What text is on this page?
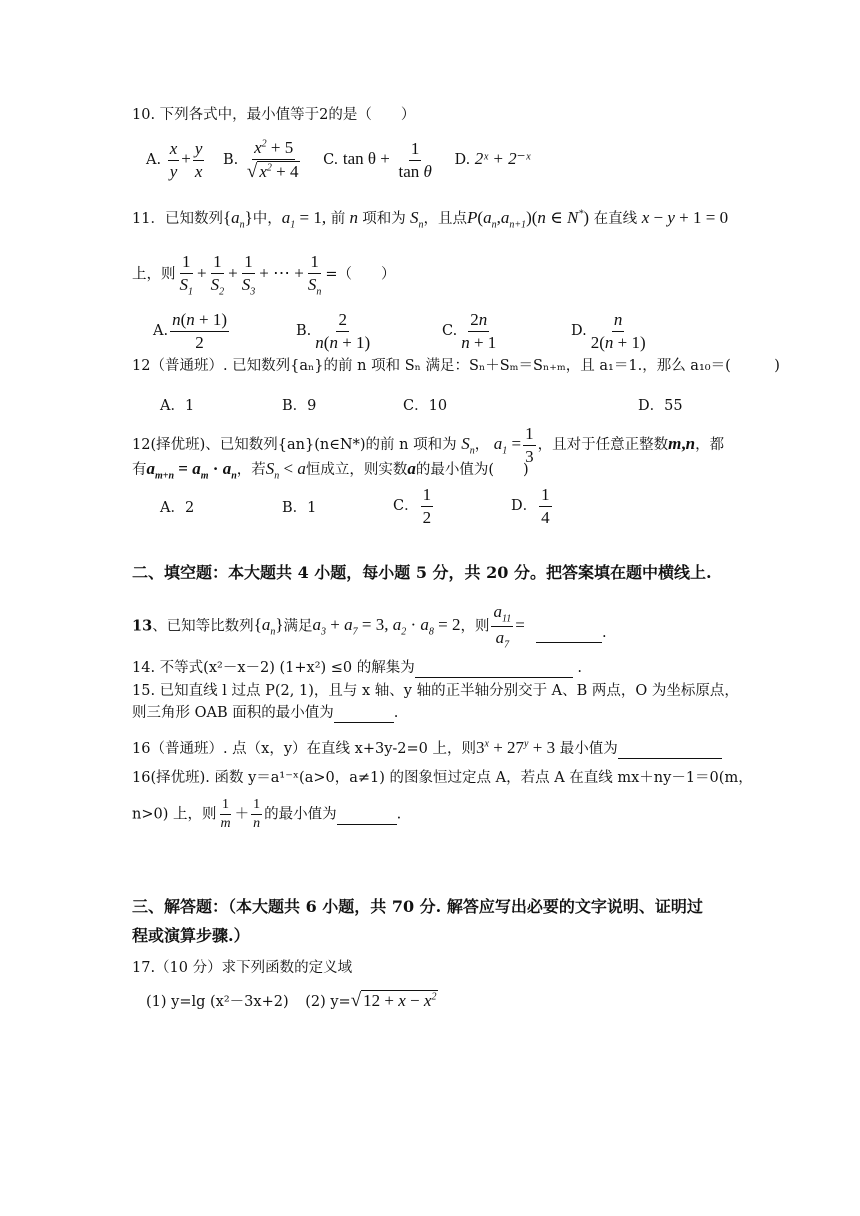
10. 下列各式中，最小值等于2的是（　　）
A. $\frac{x}{y} + \frac{y}{x} B$. $\frac{x^2 + 5}{√ x^2 + 4} C$. $\tan \theta + \frac{1}{\text{tan θ}} D$. 2ˣ + 2⁻ˣ
11．已知数列$\{a_n\}$中，$a_1 = 1$, 前 n 项和为 $S_n$，且点$P(a_n,a_{n+1})(n$ ∈ N*) 在直线 x − y + 1 = 0
上，则 $\frac{1}{S_1} + \frac{1}{S_2} + \frac{1}{S_3}$ + ⋯ + $\frac{1}{S_n}$ =（　　）
A. $\frac{n(n + 1)}{2}$	B. $\frac{2}{n(n + 1)}$	C. $\frac{2n}{n + 1}$	D. $\frac{n}{2(n + 1)}$
12（普通班）. 已知数列{aₙ}的前 n 项和 Sₙ 满足：Sₙ＋Sₘ＝Sₙ₊ₘ，且 a₁＝1.，那么 a₁₀＝(　　　)
A．1	B．9	C．10	D．55
12(择优班)、已知数列{an}(n∈N*)的前 n 项和为 $S_n$， $a_1 = \frac{1}{3}$ ，且对于任意正整数m,n，都
有$a_{m+n} = a_m \cdot a_n$，若$S_n < a$恒成立，则实数a的最小值为(　　)
A．2	B．1	C． $\frac{1}{2}$	D． $\frac{1}{4}$
二、填空题：本大题共 4 小题，每小题 5 分，共 20 分。把答案填在题中横线上.
13、已知等比数列$\{a_n\}$满足$a_3 + a_7 = 3$, $a_2 \cdot a_8 = 2$，则 $\frac{a_{11}}{a_7}$ =	.
14. 不等式(x²－x－2) (1+x²) ≤0 的解集为	.
15. 已知直线 l 过点 P(2, 1)，且与 x 轴、y 轴的正半轴分别交于 A、B 两点，O 为坐标原点，
则三角形 OAB 面积的最小值为	.
16（普通班）. 点（x，y）在直线 x+3y-2=0 上，则$3^x + 27^y + 3$ 最小值为
16(择优班). 函数 y＝a¹⁻ˣ(a>0，a≠1) 的图象恒过定点 A，若点 A 在直线 mx＋ny－1＝0(m，
n>0) 上，则 $\frac{1}{m} + \frac{1}{n}$ 的最小值为	.
三、解答题：（本大题共 6 小题，共 70 分. 解答应写出必要的文字说明、证明过
程或演算步骤.）
17.（10 分）求下列函数的定义域
(1) y=lg (x²－3x+2) (2) y=√ $12 + x - x^2$
